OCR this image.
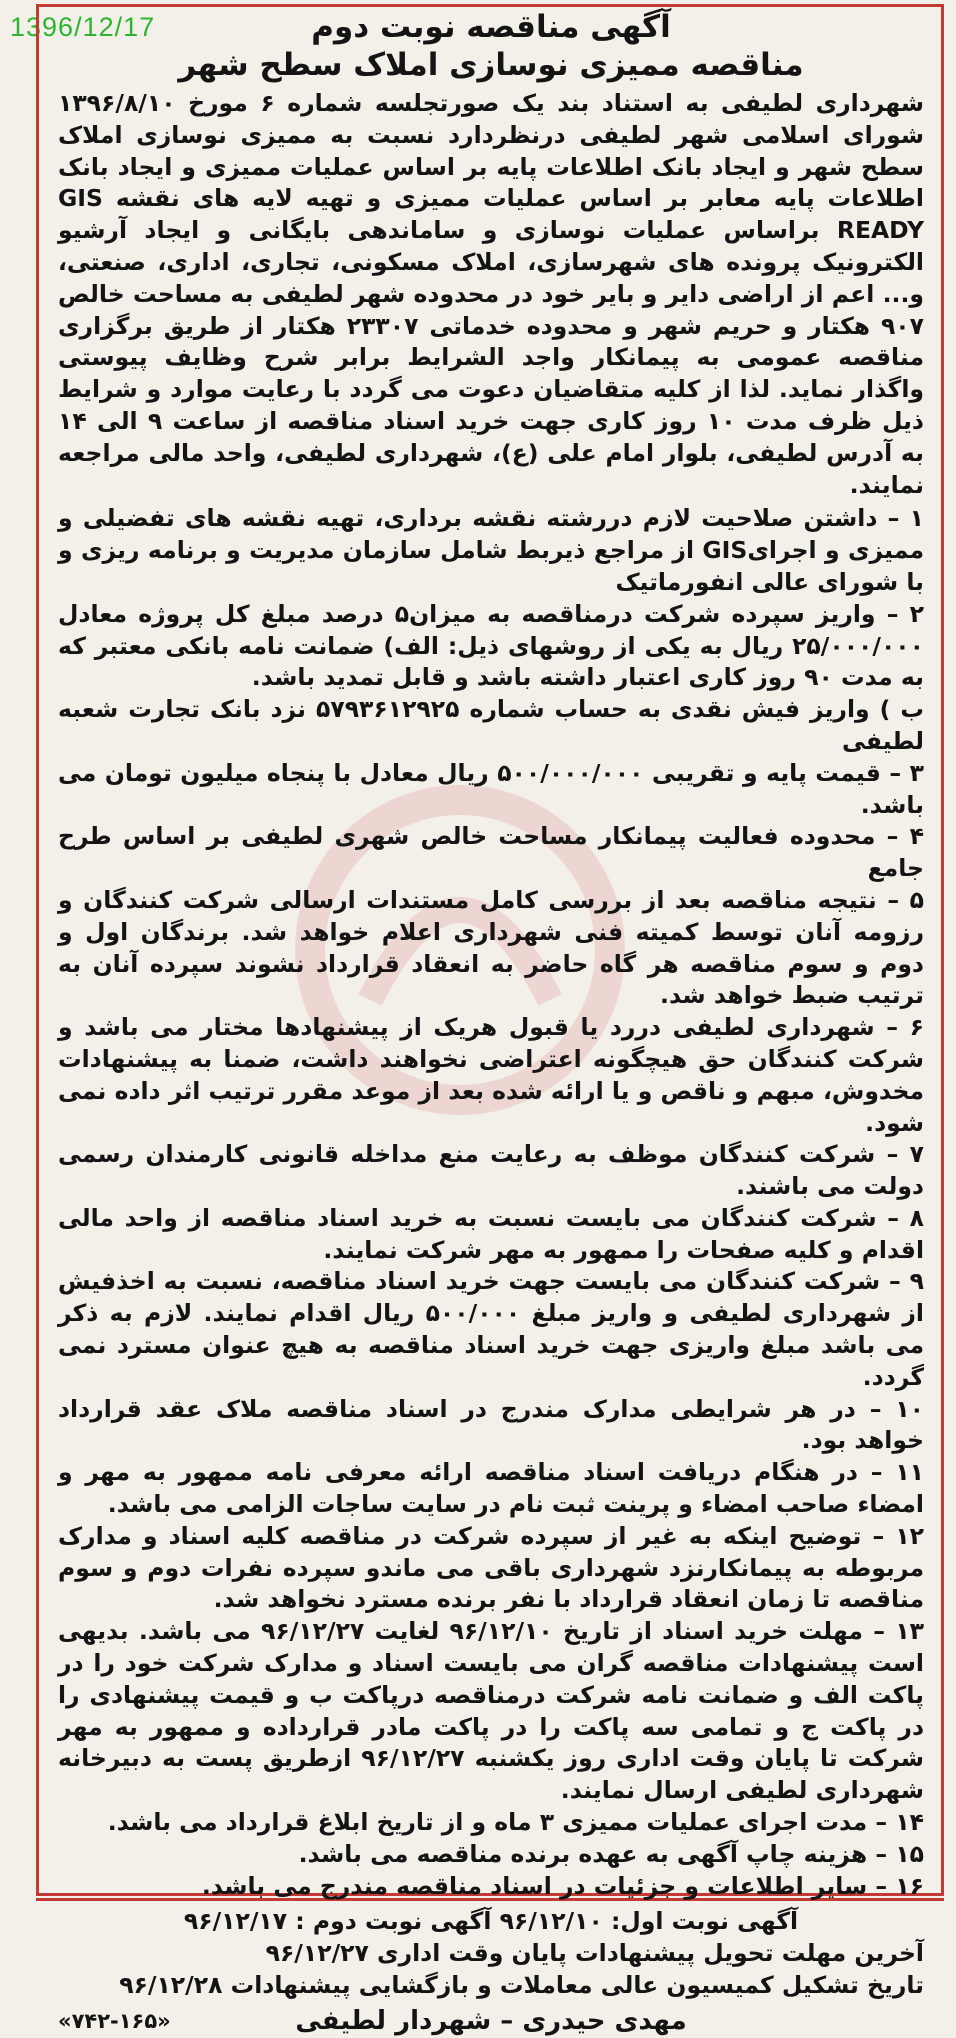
1396/12/17	آگهی مناقصه نوبت دوم
مناقصه ممیزی نوسازی املاک سطح شهر

شهرداری لطیفی به استناد بند یک صورتجلسه شماره ۶ مورخ ۱۳۹۶/۸/۱۰ شورای اسلامی شهر لطیفی درنظردارد نسبت به ممیزی نوسازی املاک سطح شهر و ایجاد بانک اطلاعات پایه بر اساس عملیات ممیزی و ایجاد بانک اطلاعات پایه معابر بر اساس عملیات ممیزی و تهیه لایه های نقشه GIS READY براساس عملیات نوسازی و ساماندهی بایگانی و ایجاد آرشیو الکترونیک پرونده های شهرسازی، املاک مسکونی، تجاری، اداری، صنعتی، و... اعم از اراضی دایر و بایر خود در محدوده شهر لطیفی به مساحت خالص ۹۰۷ هکتار و حریم شهر و محدوده خدماتی ۲۳۳۰۷ هکتار از طریق برگزاری مناقصه عمومی به پیمانکار واجد الشرایط برابر شرح وظایف پیوستی واگذار نماید. لذا از کلیه متقاضیان دعوت می گردد با رعایت موارد و شرایط ذیل ظرف مدت ۱۰ روز کاری جهت خرید اسناد مناقصه از ساعت ۹ الی ۱۴ به آدرس لطیفی، بلوار امام علی (ع)، شهرداری لطیفی، واحد مالی مراجعه نمایند.

۱ – داشتن صلاحیت لازم دررشته نقشه برداری، تهیه نقشه های تفضیلی و ممیزی و اجرایGIS از مراجع ذیربط شامل سازمان مدیریت و برنامه ریزی و با شورای عالی انفورماتیک

۲ – واریز سپرده شرکت درمناقصه به میزان۵ درصد مبلغ کل پروژه معادل ۲۵/۰۰۰/۰۰۰ ریال به یکی از روشهای ذیل: الف) ضمانت نامه بانکی معتبر که به مدت ۹۰ روز کاری اعتبار داشته باشد و قابل تمدید باشد.

ب ) واریز فیش نقدی به حساب شماره ۵۷۹۳۶۱۲۹۲۵ نزد بانک تجارت شعبه لطیفی

۳ – قیمت پایه و تقریبی ۵۰۰/۰۰۰/۰۰۰ ریال معادل با پنجاه میلیون تومان می باشد.

۴ – محدوده فعالیت پیمانکار مساحت خالص شهری لطیفی بر اساس طرح جامع

۵ – نتیجه مناقصه بعد از بررسی کامل مستندات ارسالی شرکت کنندگان و رزومه آنان توسط کمیته فنی شهرداری اعلام خواهد شد. برندگان اول و دوم و سوم مناقصه هر گاه حاضر به انعقاد قرارداد نشوند سپرده آنان به ترتیب ضبط خواهد شد.

۶ – شهرداری لطیفی دررد یا قبول هریک از پیشنهادها مختار می باشد و شرکت کنندگان حق هیچگونه اعتراضی نخواهند داشت، ضمنا به پیشنهادات مخدوش، مبهم و ناقص و یا ارائه شده بعد از موعد مقرر ترتیب اثر داده نمی شود.

۷ – شرکت کنندگان موظف به رعایت منع مداخله قانونی کارمندان رسمی دولت می باشند.

۸ – شرکت کنندگان می بایست نسبت به خرید اسناد مناقصه از واحد مالی اقدام و کلیه صفحات را ممهور به مهر شرکت نمایند.

۹ – شرکت کنندگان می بایست جهت خرید اسناد مناقصه، نسبت به اخذفیش از شهرداری لطیفی و واریز مبلغ ۵۰۰/۰۰۰ ریال اقدام نمایند. لازم به ذکر می باشد مبلغ واریزی جهت خرید اسناد مناقصه به هیچ عنوان مسترد نمی گردد.

۱۰ – در هر شرایطی مدارک مندرج در اسناد مناقصه ملاک عقد قرارداد خواهد بود.

۱۱ – در هنگام دریافت اسناد مناقصه ارائه معرفی نامه ممهور به مهر و امضاء صاحب امضاء و پرینت ثبت نام در سایت ساجات الزامی می باشد.

۱۲ – توضیح اینکه به غیر از سپرده شرکت در مناقصه کلیه اسناد و مدارک مربوطه به پیمانکارنزد شهرداری باقی می ماندو سپرده نفرات دوم و سوم مناقصه تا زمان انعقاد قرارداد با نفر برنده مسترد نخواهد شد.

۱۳ – مهلت خرید اسناد از تاریخ ۹۶/۱۲/۱۰ لغایت ۹۶/۱۲/۲۷ می باشد. بدیهی است پیشنهادات مناقصه گران می بایست اسناد و مدارک شرکت خود را در پاکت الف و ضمانت نامه شرکت درمناقصه درپاکت ب و قیمت پیشنهادی را در پاکت ج و تمامی سه پاکت را در پاکت مادر قرارداده و ممهور به مهر شرکت تا پایان وقت اداری روز یکشنبه ۹۶/۱۲/۲۷ ازطریق پست به دبیرخانه شهرداری لطیفی ارسال نمایند.

۱۴ – مدت اجرای عملیات ممیزی ۳ ماه و از تاریخ ابلاغ قرارداد می باشد.

۱۵ – هزینه چاپ آگهی به عهده برنده مناقصه می باشد.

۱۶ – سایر اطلاعات و جزئیات در اسناد مناقصه مندرج می باشد.

آگهی نوبت اول: ۹۶/۱۲/۱۰ آگهی نوبت دوم : ۹۶/۱۲/۱۷
آخرین مهلت تحویل پیشنهادات پایان وقت اداری ۹۶/۱۲/۲۷
تاریخ تشکیل کمیسیون عالی معاملات و بازگشایی پیشنهادات ۹۶/۱۲/۲۸
مهدی حیدری – شهردار لطیفی
«۷۴۲-۱۶۵»
